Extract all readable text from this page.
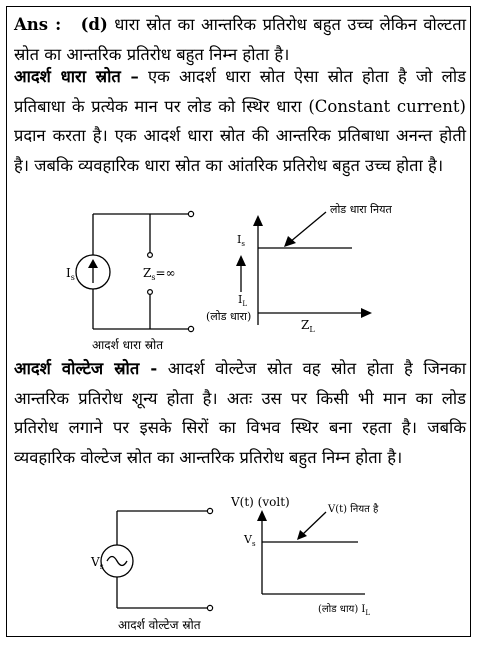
Ans : (d) धारा स्रोत का आन्तरिक प्रतिरोध बहुत उच्च लेकिन वोल्टता स्रोत का आन्तरिक प्रतिरोध बहुत निम्न होता है।

आदर्श धारा स्रोत – एक आदर्श धारा स्रोत ऐसा स्रोत होता है जो लोड प्रतिबाधा के प्रत्येक मान पर लोड को स्थिर धारा (Constant current) प्रदान करता है। एक आदर्श धारा स्रोत की आन्तरिक प्रतिबाधा अनन्त होती है। जबकि व्यवहारिक धारा स्रोत का आंतरिक प्रतिरोध बहुत उच्च होता है।

$I_s$	$Z_s=\infty$
आदर्श धारा स्रोत
$I_s$
$I_L$
(लोड धारा)
$Z_L$
लोड धारा नियत

आदर्श वोल्टेज स्रोत - आदर्श वोल्टेज स्रोत वह स्रोत होता है जिनका आन्तरिक प्रतिरोध शून्य होता है। अतः उस पर किसी भी मान का लोड प्रतिरोध लगाने पर इसके सिरों का विभव स्थिर बना रहता है। जबकि व्यवहारिक वोल्टेज स्रोत का आन्तरिक प्रतिरोध बहुत निम्न होता है।

$V_s$
आदर्श वोल्टेज स्रोत
V(t) (volt)
$V_s$
V(t) नियत है
(लोड धाय) $I_L$
